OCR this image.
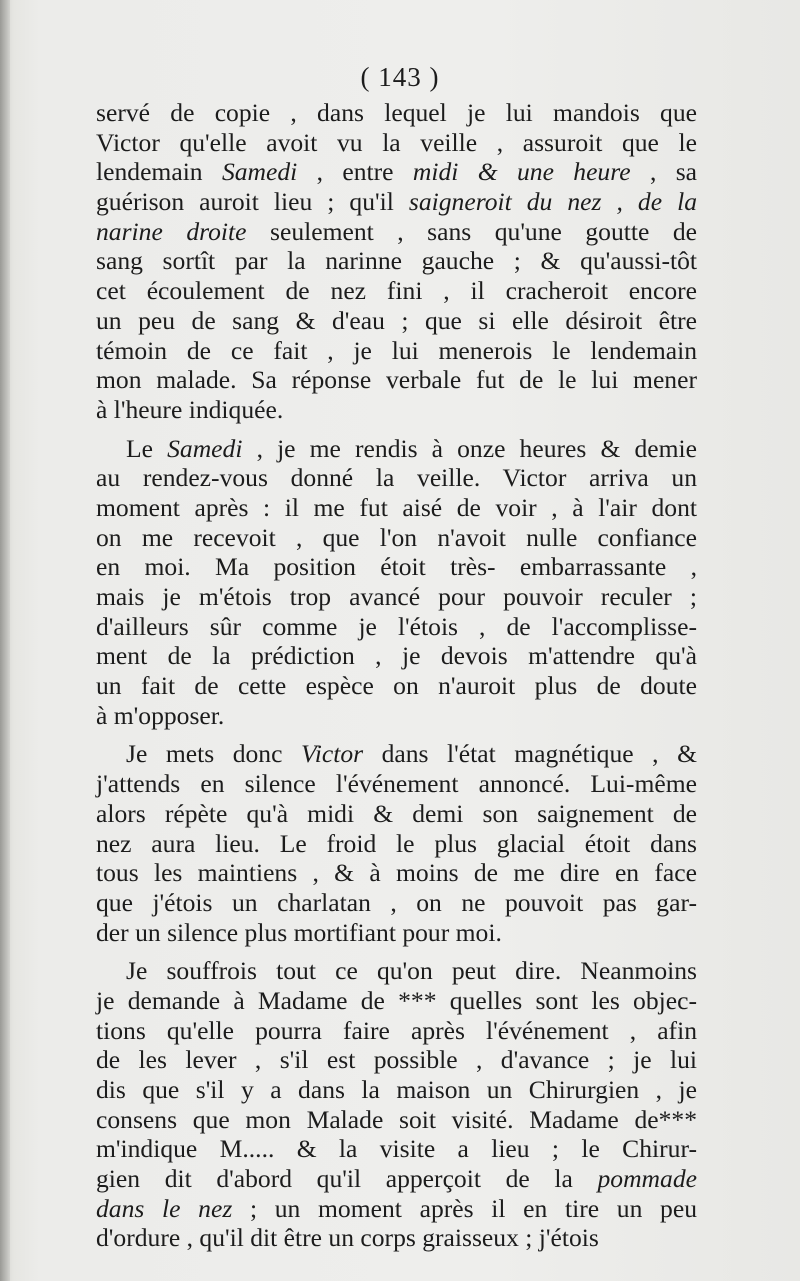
( 143 )
servé de copie , dans lequel je lui mandois que
Victor qu'elle avoit vu la veille , assuroit que le
lendemain Samedi , entre midi & une heure , sa
guérison auroit lieu ; qu'il saigneroit du nez , de la
narine droite seulement , sans qu'une goutte de
sang sortît par la narinne gauche ; & qu'aussi-tôt
cet écoulement de nez fini , il cracheroit encore
un peu de sang & d'eau ; que si elle désiroit être
témoin de ce fait , je lui menerois le lendemain
mon malade. Sa réponse verbale fut de le lui mener
à l'heure indiquée.
Le Samedi , je me rendis à onze heures & demie
au rendez-vous donné la veille. Victor arriva un
moment après : il me fut aisé de voir , à l'air dont
on me recevoit , que l'on n'avoit nulle confiance
en moi. Ma position étoit très- embarrassante ,
mais je m'étois trop avancé pour pouvoir reculer ;
d'ailleurs sûr comme je l'étois , de l'accomplisse-
ment de la prédiction , je devois m'attendre qu'à
un fait de cette espèce on n'auroit plus de doute
à m'opposer.
Je mets donc Victor dans l'état magnétique , &
j'attends en silence l'événement annoncé. Lui-même
alors répète qu'à midi & demi son saignement de
nez aura lieu. Le froid le plus glacial étoit dans
tous les maintiens , & à moins de me dire en face
que j'étois un charlatan , on ne pouvoit pas gar-
der un silence plus mortifiant pour moi.
Je souffrois tout ce qu'on peut dire. Neanmoins
je demande à Madame de *** quelles sont les objec-
tions qu'elle pourra faire après l'événement , afin
de les lever , s'il est possible , d'avance ; je lui
dis que s'il y a dans la maison un Chirurgien , je
consens que mon Malade soit visité. Madame de***
m'indique M..... & la visite a lieu ; le Chirur-
gien dit d'abord qu'il apperçoit de la pommade
dans le nez ; un moment après il en tire un peu
d'ordure , qu'il dit être un corps graisseux ; j'étois
